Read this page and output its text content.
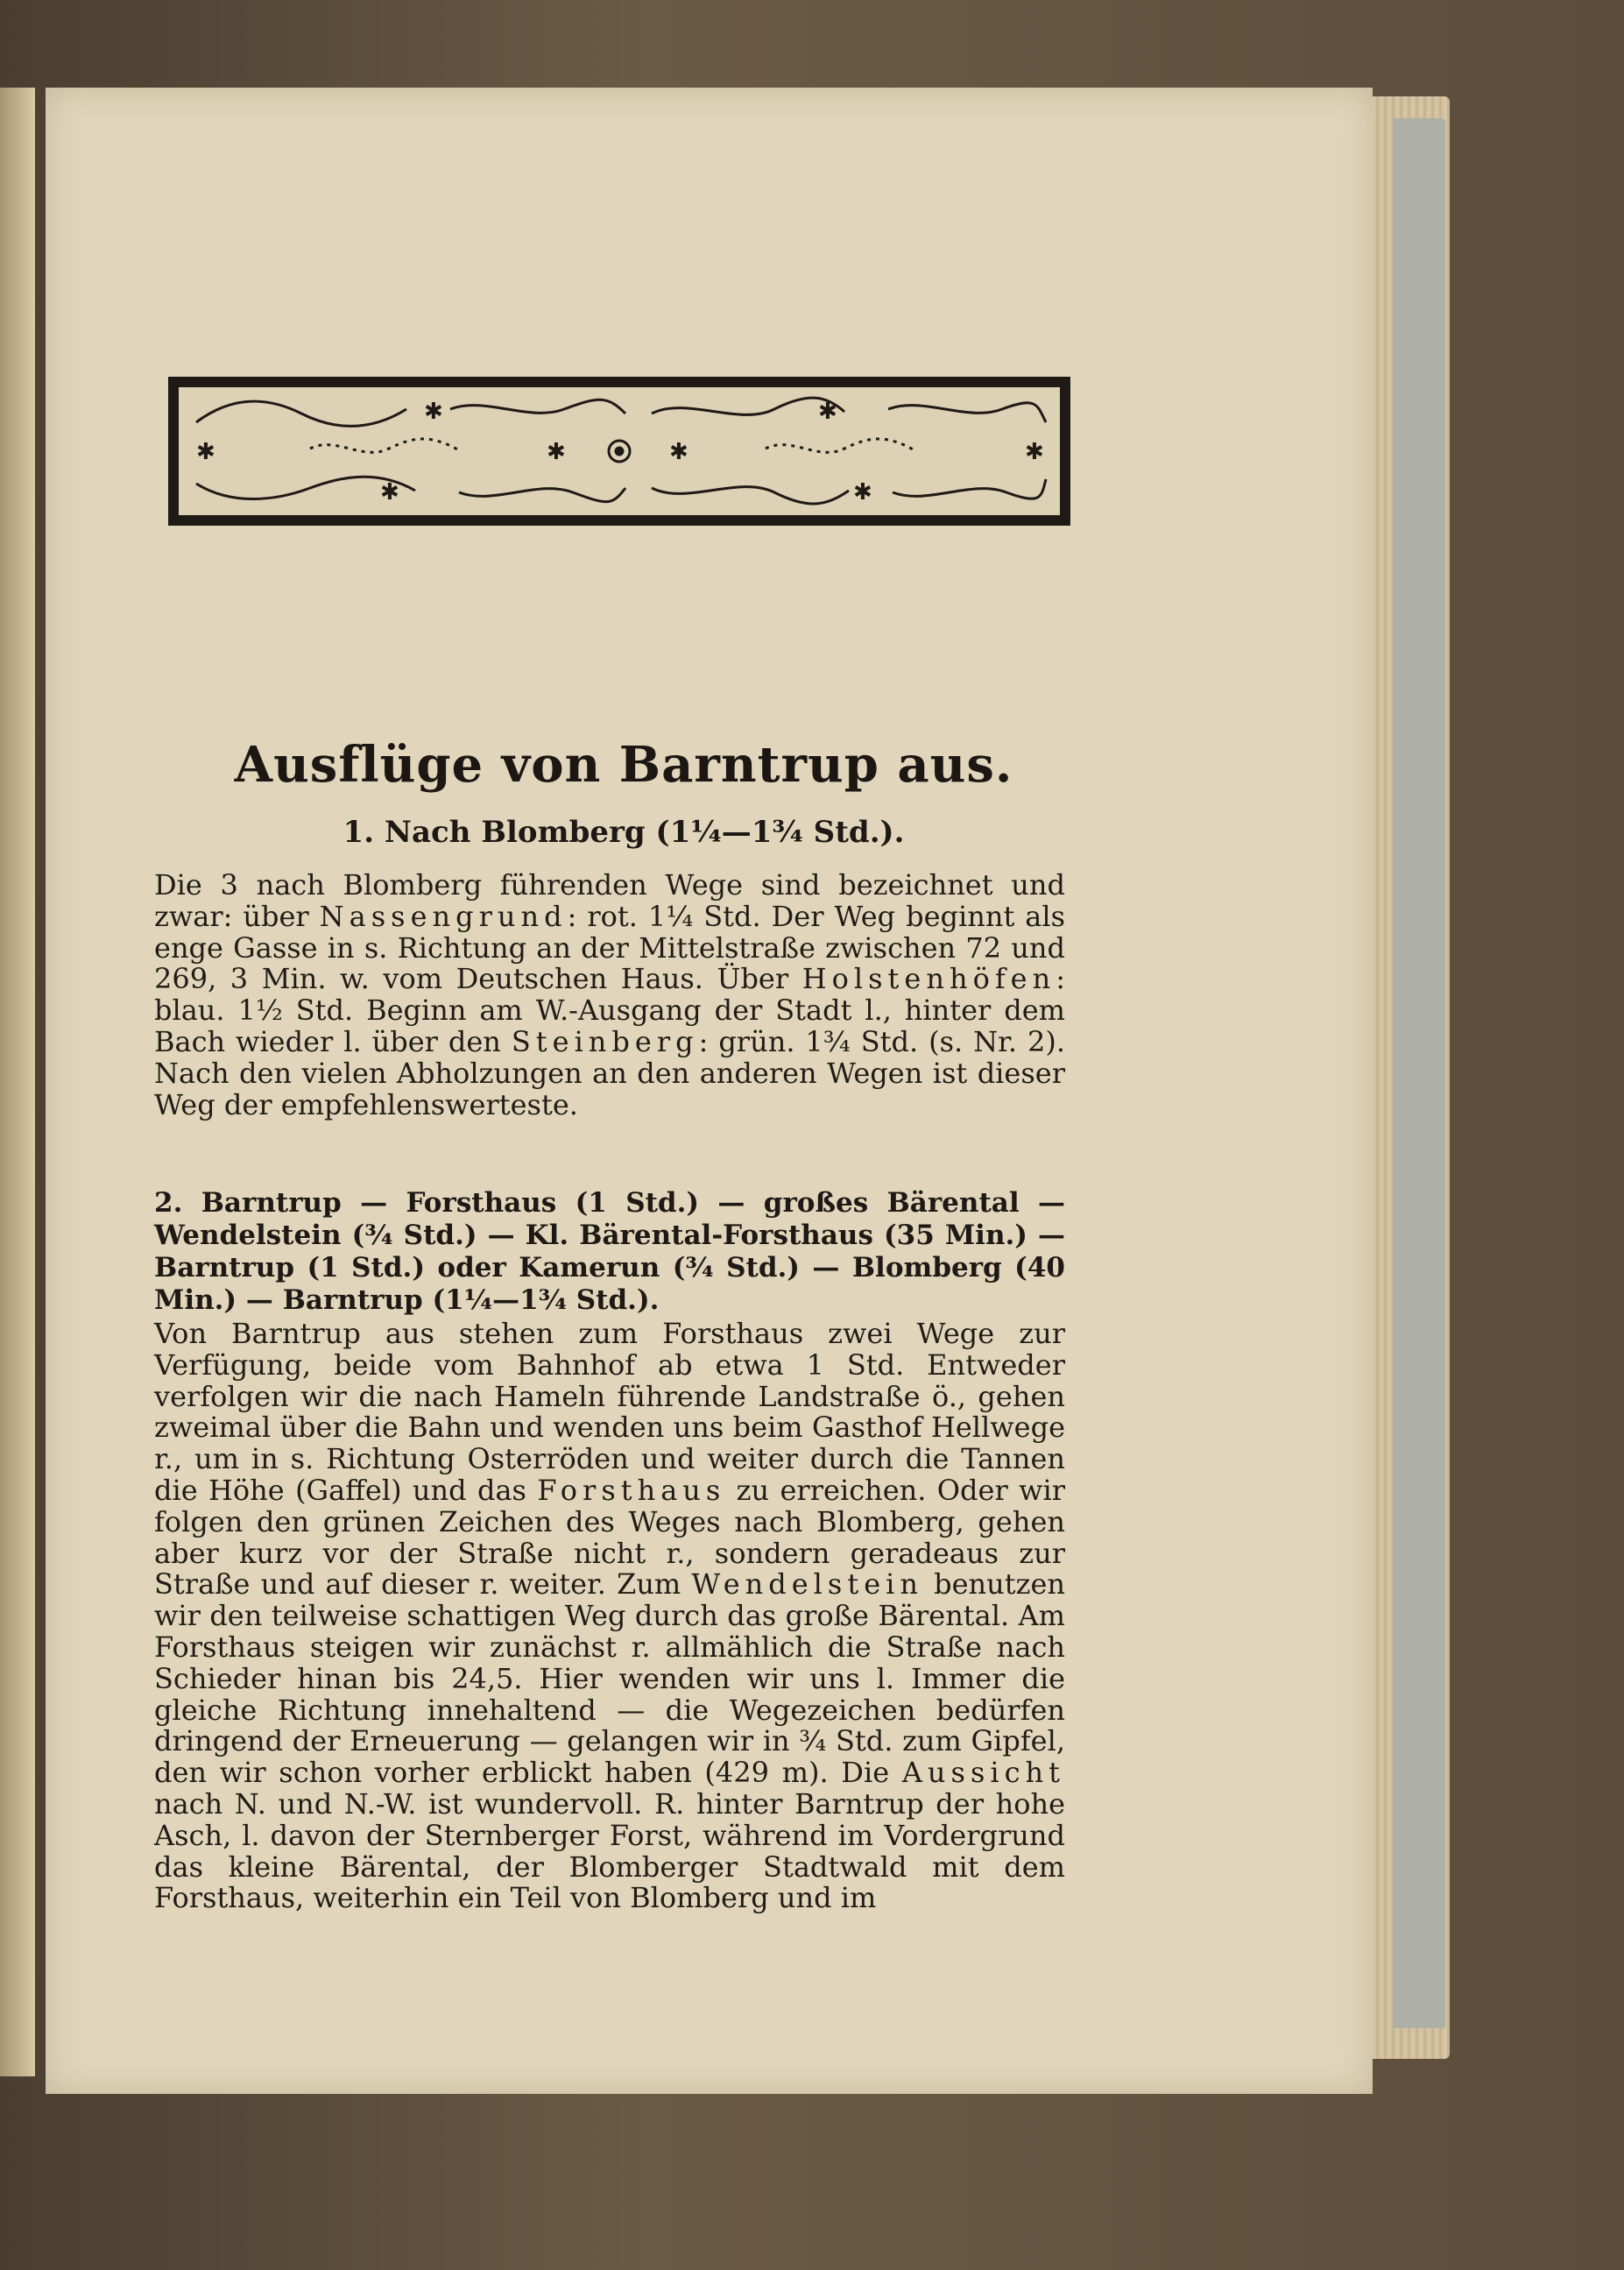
✱	✱
✱	✱
✱	✱
✱	✱
Ausflüge von Barntrup aus.
1. Nach Blomberg (1¼—1¾ Std.).

Die 3 nach Blomberg führenden Wege sind bezeichnet und zwar: über Nassengrund: rot. 1¼ Std. Der Weg beginnt als enge Gasse in s. Richtung an der Mittelstraße zwischen 72 und 269, 3 Min. w. vom Deutschen Haus. Über Holstenhöfen: blau. 1½ Std. Beginn am W.-Ausgang der Stadt l., hinter dem Bach wieder l. über den Steinberg: grün. 1¾ Std. (s. Nr. 2). Nach den vielen Abholzungen an den anderen Wegen ist dieser Weg der empfehlenswerteste.

2. Barntrup — Forsthaus (1 Std.) — großes Bärental — Wendelstein (¾ Std.) — Kl. Bärental-Forsthaus (35 Min.) — Barntrup (1 Std.) oder Kamerun (¾ Std.) — Blomberg (40 Min.) — Barntrup (1¼—1¾ Std.).

Von Barntrup aus stehen zum Forsthaus zwei Wege zur Verfügung, beide vom Bahnhof ab etwa 1 Std. Entweder verfolgen wir die nach Hameln führende Landstraße ö., gehen zweimal über die Bahn und wenden uns beim Gasthof Hellwege r., um in s. Richtung Osterröden und weiter durch die Tannen die Höhe (Gaffel) und das Forsthaus zu erreichen. Oder wir folgen den grünen Zeichen des Weges nach Blomberg, gehen aber kurz vor der Straße nicht r., sondern geradeaus zur Straße und auf dieser r. weiter. Zum Wendelstein benutzen wir den teilweise schattigen Weg durch das große Bärental. Am Forsthaus steigen wir zunächst r. allmählich die Straße nach Schieder hinan bis 24,5. Hier wenden wir uns l. Immer die gleiche Richtung innehaltend — die Wegezeichen bedürfen dringend der Erneuerung — gelangen wir in ¾ Std. zum Gipfel, den wir schon vorher erblickt haben (429 m). Die Aussicht nach N. und N.-W. ist wundervoll. R. hinter Barntrup der hohe Asch, l. davon der Sternberger Forst, während im Vordergrund das kleine Bärental, der Blomberger Stadtwald mit dem Forsthaus, weiterhin ein Teil von Blomberg und im
